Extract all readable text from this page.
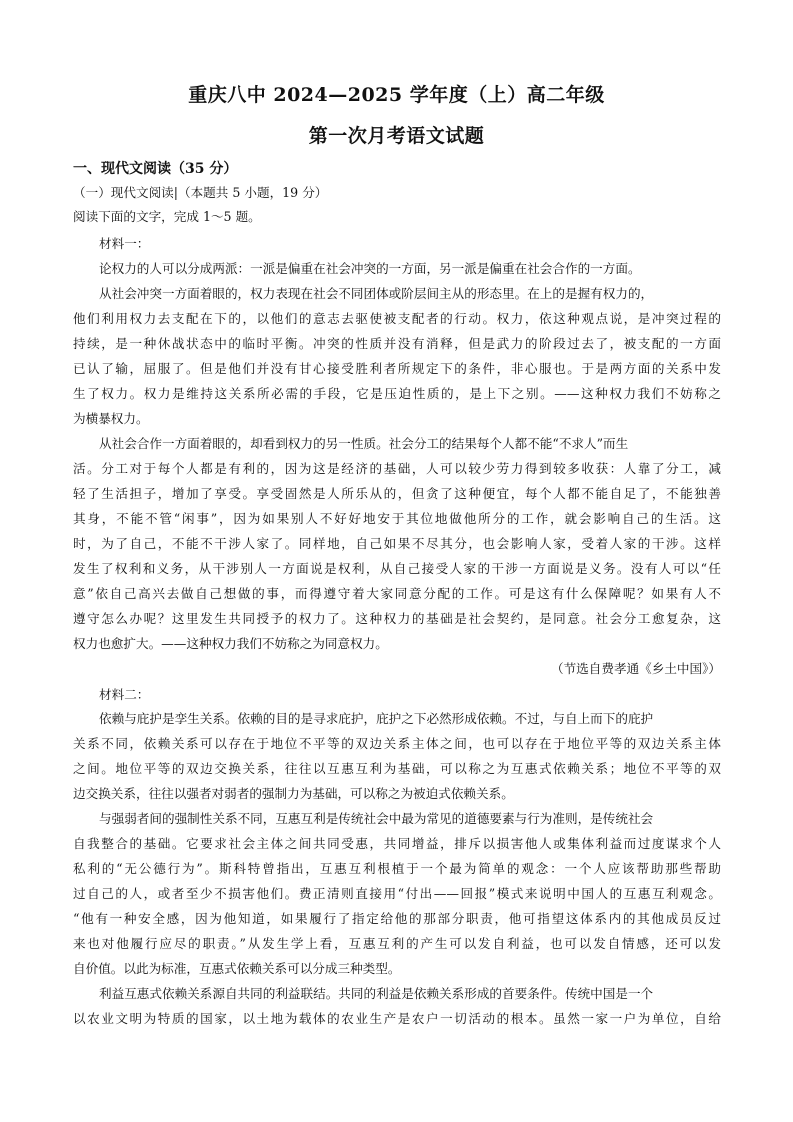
重庆八中 2024—2025 学年度（上）高二年级
第一次月考语文试题
一、现代文阅读（35 分）
（一）现代文阅读|（本题共 5 小题，19 分）
阅读下面的文字，完成 1～5 题。
材料一：
论权力的人可以分成两派：一派是偏重在社会冲突的一方面，另一派是偏重在社会合作的一方面。
从社会冲突一方面着眼的，权力表现在社会不同团体或阶层间主从的形态里。在上的是握有权力的，
他们利用权力去支配在下的，以他们的意志去驱使被支配者的行动。权力，依这种观点说，是冲突过程的
持续，是一种休战状态中的临时平衡。冲突的性质并没有消释，但是武力的阶段过去了，被支配的一方面
已认了输，屈服了。但是他们并没有甘心接受胜利者所规定下的条件，非心服也。于是两方面的关系中发
生了权力。权力是维持这关系所必需的手段，它是压迫性质的，是上下之别。——这种权力我们不妨称之
为横暴权力。
从社会合作一方面着眼的，却看到权力的另一性质。社会分工的结果每个人都不能“不求人”而生
活。分工对于每个人都是有利的，因为这是经济的基础，人可以较少劳力得到较多收获：人靠了分工，减
轻了生活担子，增加了享受。享受固然是人所乐从的，但贪了这种便宜，每个人都不能自足了，不能独善
其身，不能不管“闲事”，因为如果别人不好好地安于其位地做他所分的工作，就会影响自己的生活。这
时，为了自己，不能不干涉人家了。同样地，自己如果不尽其分，也会影响人家，受着人家的干涉。这样
发生了权利和义务，从干涉别人一方面说是权利，从自己接受人家的干涉一方面说是义务。没有人可以“任
意”依自己高兴去做自己想做的事，而得遵守着大家同意分配的工作。可是这有什么保障呢？如果有人不
遵守怎么办呢？这里发生共同授予的权力了。这种权力的基础是社会契约，是同意。社会分工愈复杂，这
权力也愈扩大。——这种权力我们不妨称之为同意权力。
（节选自费孝通《乡土中国》）
材料二：
依赖与庇护是孪生关系。依赖的目的是寻求庇护，庇护之下必然形成依赖。不过，与自上而下的庇护
关系不同，依赖关系可以存在于地位不平等的双边关系主体之间，也可以存在于地位平等的双边关系主体
之间。地位平等的双边交换关系，往往以互惠互利为基础，可以称之为互惠式依赖关系；地位不平等的双
边交换关系，往往以强者对弱者的强制力为基础，可以称之为被迫式依赖关系。
与强弱者间的强制性关系不同，互惠互利是传统社会中最为常见的道德要素与行为准则，是传统社会
自我整合的基础。它要求社会主体之间共同受惠，共同增益，排斥以损害他人或集体利益而过度谋求个人
私利的“无公德行为”。斯科特曾指出，互惠互利根植于一个最为简单的观念：一个人应该帮助那些帮助
过自己的人，或者至少不损害他们。费正清则直接用“付出——回报”模式来说明中国人的互惠互利观念。
“他有一种安全感，因为他知道，如果履行了指定给他的那部分职责，他可指望这体系内的其他成员反过
来也对他履行应尽的职责。”从发生学上看，互惠互利的产生可以发自利益，也可以发自情感，还可以发
自价值。以此为标准，互惠式依赖关系可以分成三种类型。
利益互惠式依赖关系源自共同的利益联结。共同的利益是依赖关系形成的首要条件。传统中国是一个
以农业文明为特质的国家，以土地为载体的农业生产是农户一切活动的根本。虽然一家一户为单位，自给
